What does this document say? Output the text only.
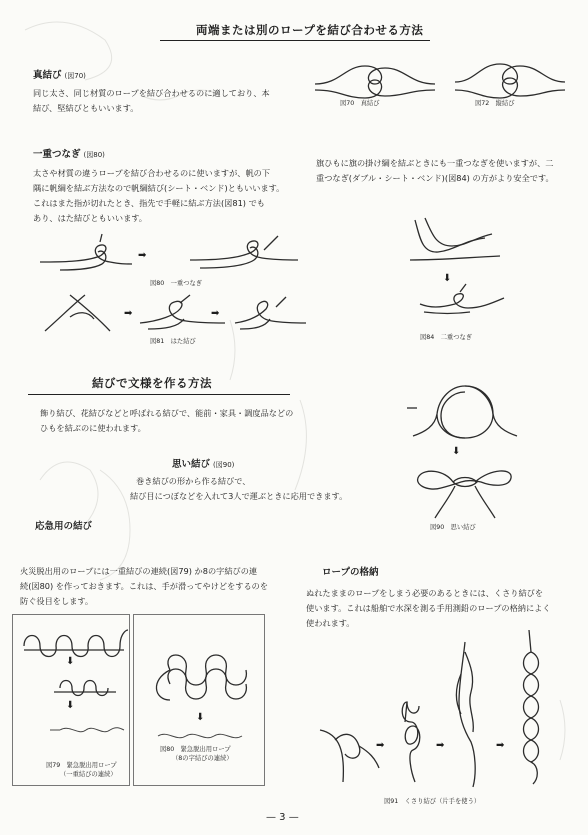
両端または別のロープを結び合わせる方法
真結び (図70)
同じ太さ、同じ材質のロープを結び合わせるのに適しており、本
結び、堅結びともいいます。	図70　真結び	図72　縦結び
一重つなぎ (図80)
太さや材質の違うロープを結び合わせるのに使いますが、帆の下
隅に帆綱を結ぶ方法なので帆綱結び(シート・ベンド)ともいいます。
これはまた指が切れたとき、指先で手軽に結ぶ方法(図81) でも
あり、はた結びともいいます。
旗ひもに旗の掛け綱を結ぶときにも一重つなぎを使いますが、二
重つなぎ(ダブル・シート・ベンド)(図84) の方がより安全です。
➡
図80　一重つなぎ
➡	➡
図81　はた結び
⬇
図84　二重つなぎ
結びで文様を作る方法
飾り結び、花結びなどと呼ばれる結びで、能前・家具・調度品などの
ひもを結ぶのに使われます。
思い結び (図90)
巻き結びの形から作る結びで、
結び目につぼなどを入れて3人で運ぶときに応用できます。
⬇
図90　思い結び
応急用の結び
火災脱出用のロープには一重結びの連続(図79) か8の字結びの連
続(図80) を作っておきます。これは、手が滑ってやけどをするのを
防ぐ役目をします。
⬇
⬇
図79　緊急脱出用ロープ
（一重結びの連続）
⬇
図80　緊急脱出用ロープ
（8の字結びの連続）
ロープの格納
ぬれたままのロープをしまう必要のあるときには、くさり結びを
使います。これは船舶で水深を測る手用測鉛のロープの格納によく
使われます。
➡	➡	➡
図91　くさり結び（片手を使う）
— 3 —
